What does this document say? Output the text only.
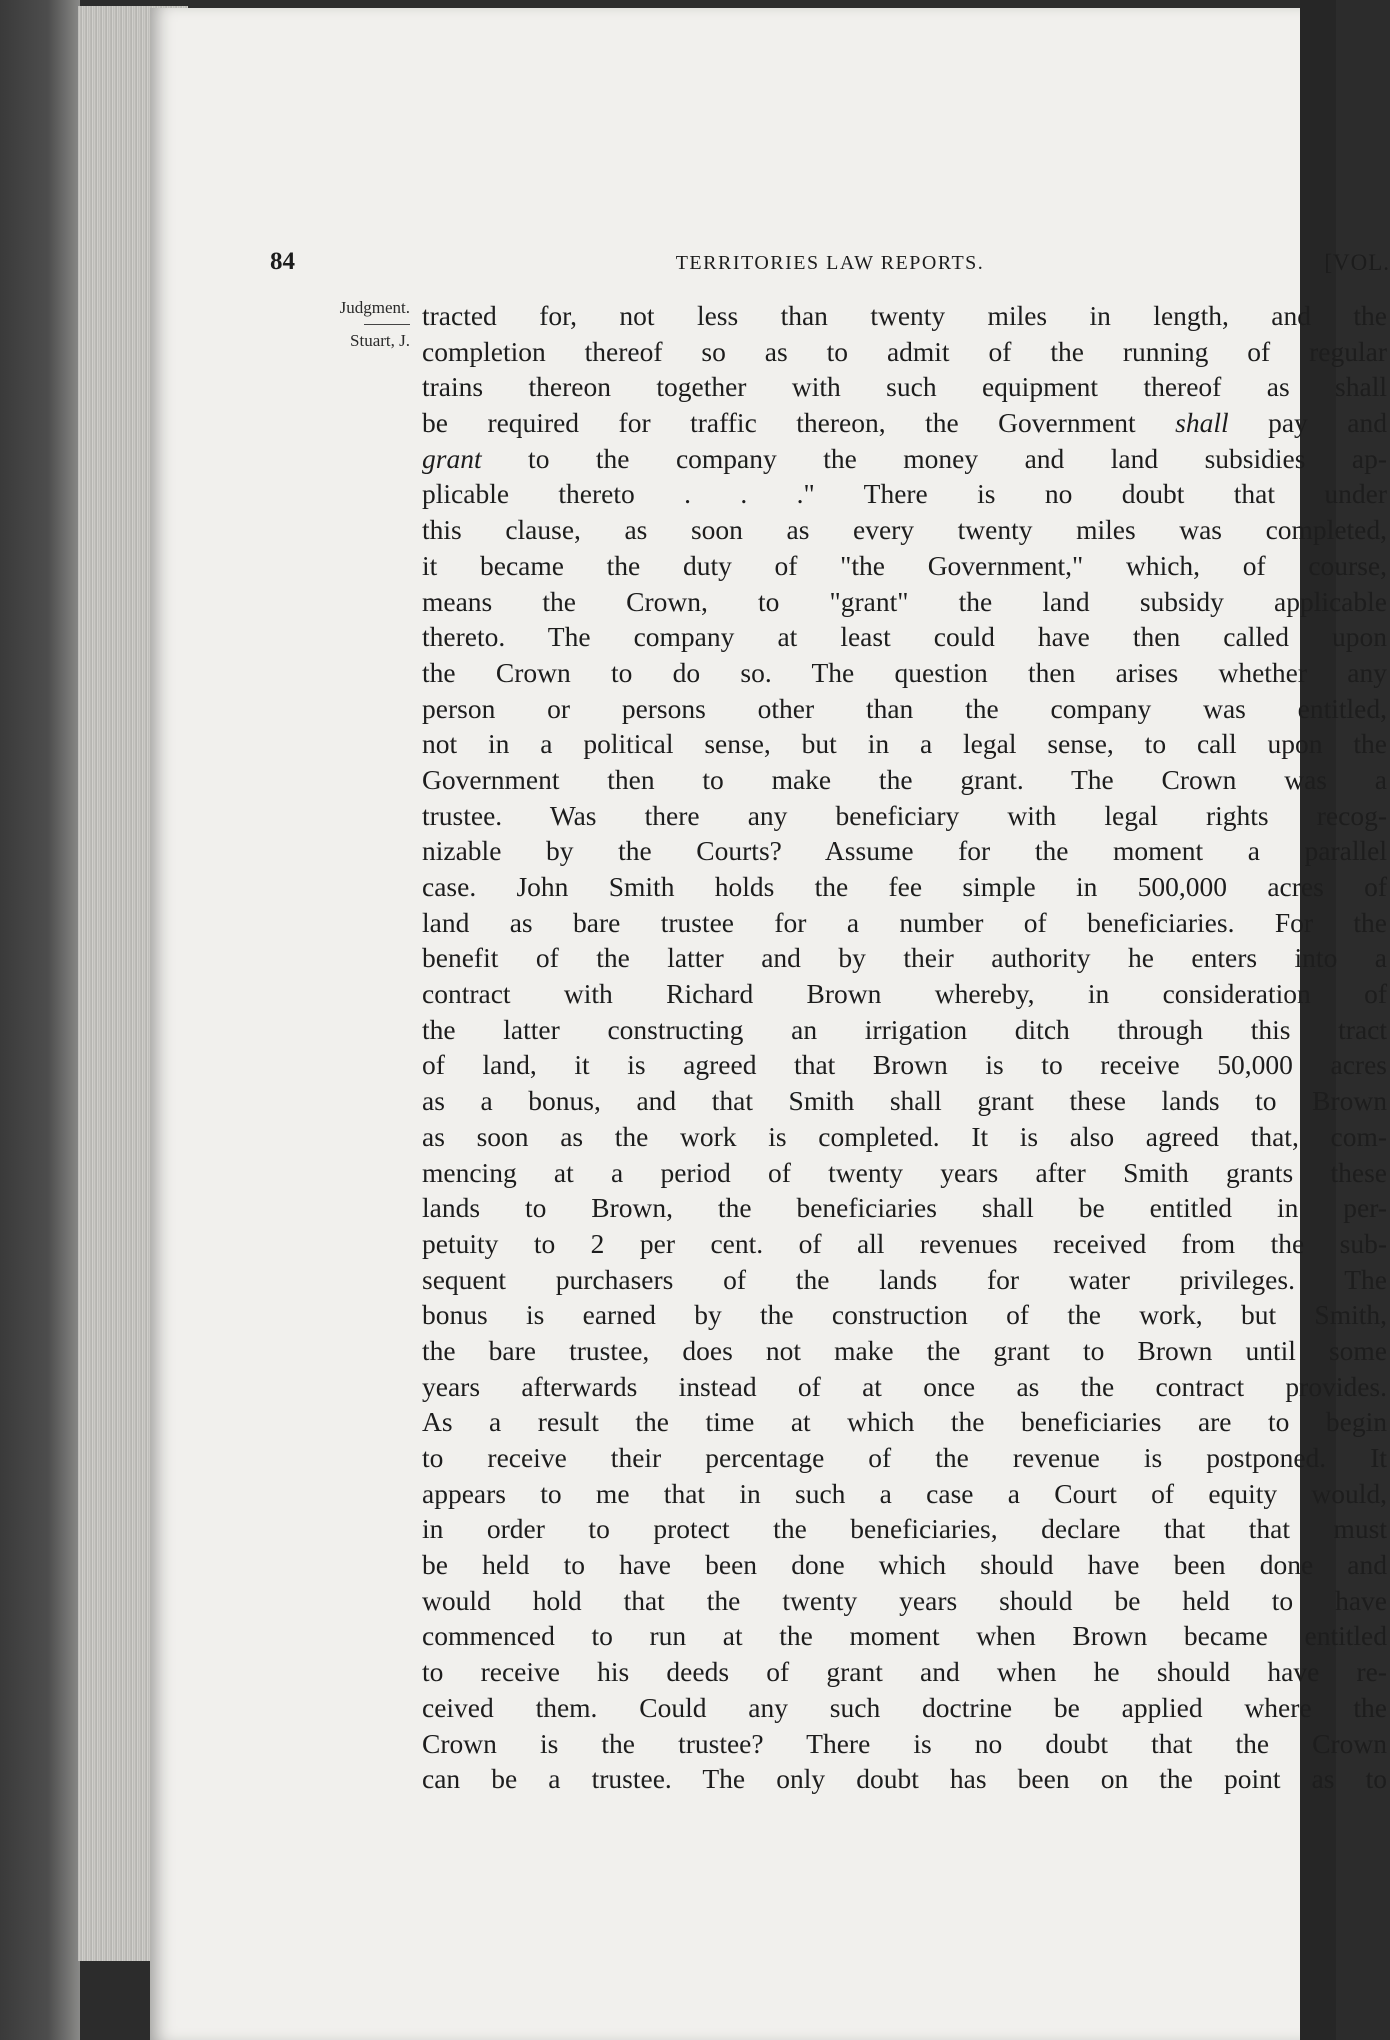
84	TERRITORIES LAW REPORTS.	[VOL.
Judgment.
Stuart, J.
tracted for, not less than twenty miles in length, and the
completion thereof so as to admit of the running of regular
trains thereon together with such equipment thereof as shall
be required for traffic thereon, the Government shall pay and
grant to the company the money and land subsidies ap-
plicable thereto . . ." There is no doubt that under
this clause, as soon as every twenty miles was completed,
it became the duty of "the Government," which, of course,
means the Crown, to "grant" the land subsidy applicable
thereto. The company at least could have then called upon
the Crown to do so. The question then arises whether any
person or persons other than the company was entitled,
not in a political sense, but in a legal sense, to call upon the
Government then to make the grant. The Crown was a
trustee. Was there any beneficiary with legal rights recog-
nizable by the Courts? Assume for the moment a parallel
case. John Smith holds the fee simple in 500,000 acres of
land as bare trustee for a number of beneficiaries. For the
benefit of the latter and by their authority he enters into a
contract with Richard Brown whereby, in consideration of
the latter constructing an irrigation ditch through this tract
of land, it is agreed that Brown is to receive 50,000 acres
as a bonus, and that Smith shall grant these lands to Brown
as soon as the work is completed. It is also agreed that, com-
mencing at a period of twenty years after Smith grants these
lands to Brown, the beneficiaries shall be entitled in per-
petuity to 2 per cent. of all revenues received from the sub-
sequent purchasers of the lands for water privileges. The
bonus is earned by the construction of the work, but Smith,
the bare trustee, does not make the grant to Brown until some
years afterwards instead of at once as the contract provides.
As a result the time at which the beneficiaries are to begin
to receive their percentage of the revenue is postponed. It
appears to me that in such a case a Court of equity would,
in order to protect the beneficiaries, declare that that must
be held to have been done which should have been done and
would hold that the twenty years should be held to have
commenced to run at the moment when Brown became entitled
to receive his deeds of grant and when he should have re-
ceived them. Could any such doctrine be applied where the
Crown is the trustee? There is no doubt that the Crown
can be a trustee. The only doubt has been on the point as to
